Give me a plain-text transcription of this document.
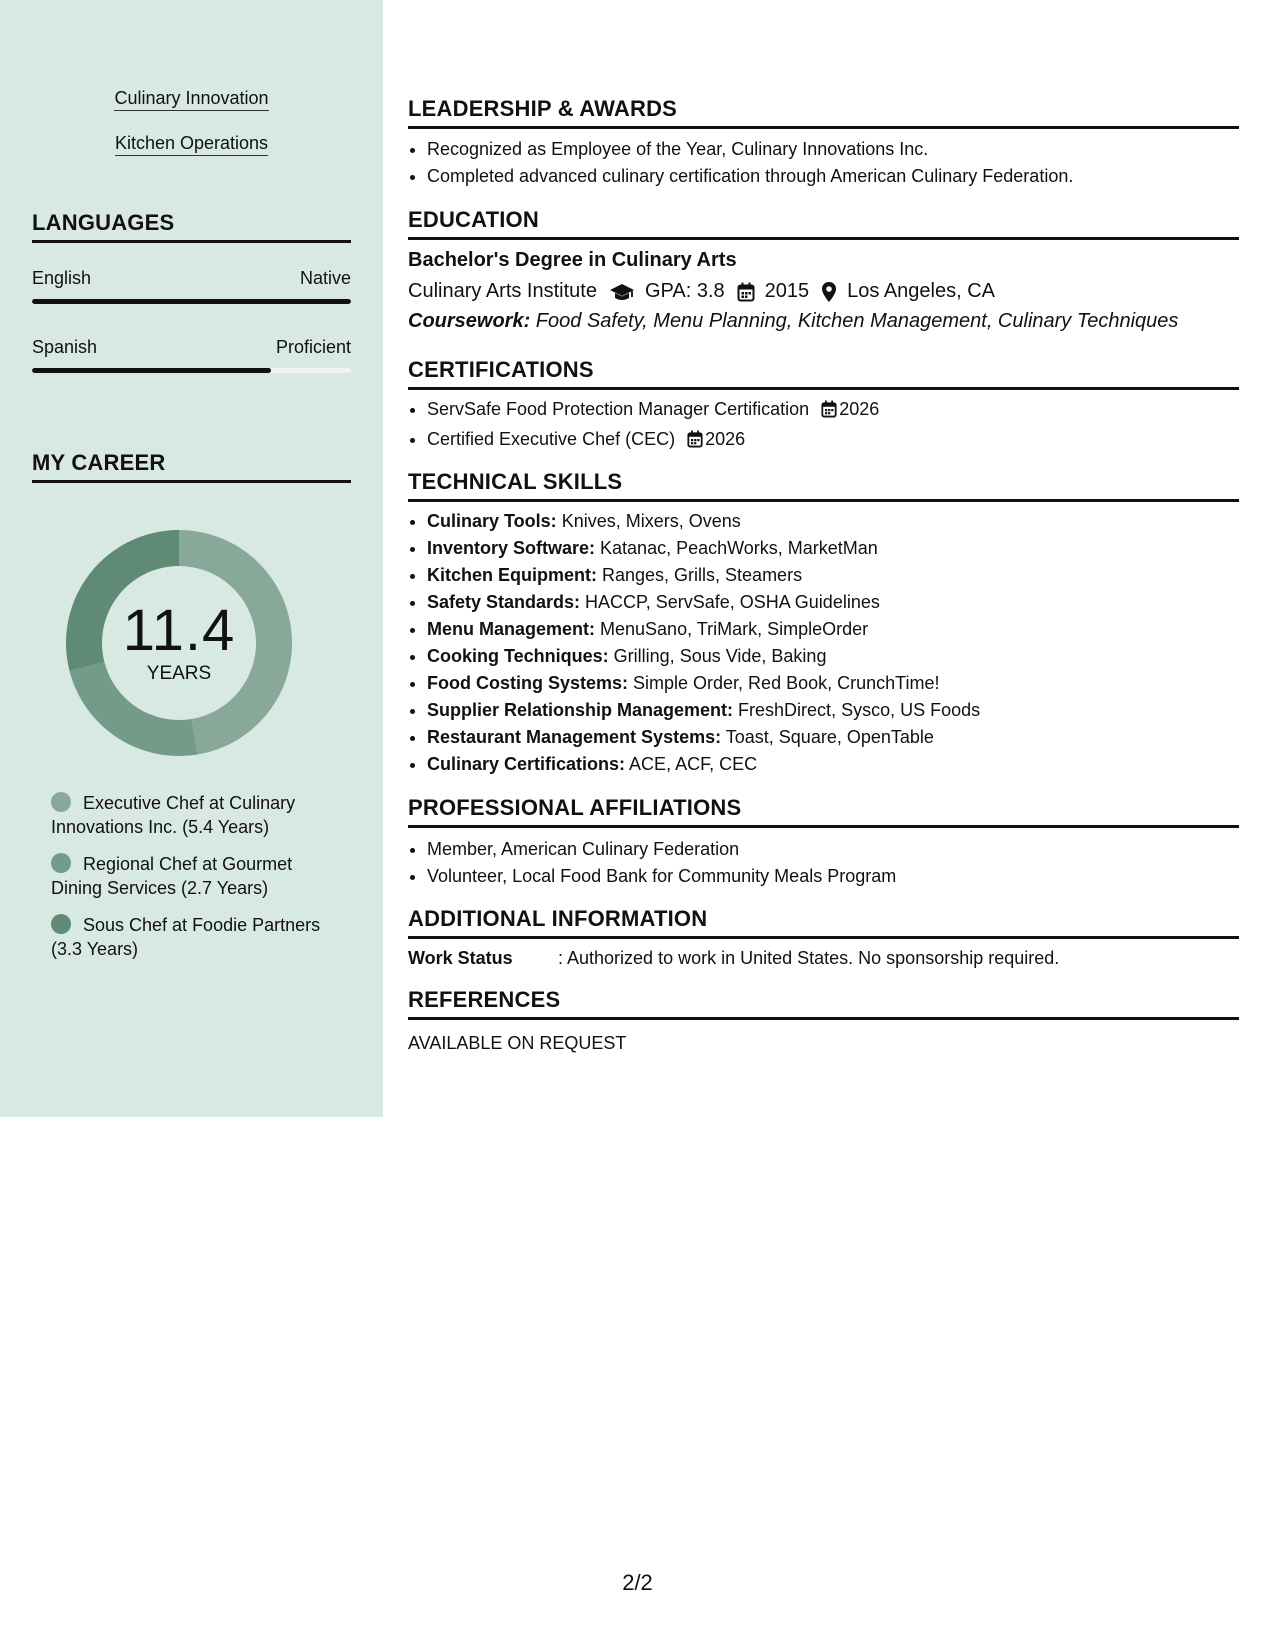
Culinary Innovation
Kitchen Operations
LANGUAGES
English	Native
Spanish	Proficient
MY CAREER
11.4
YEARS
Executive Chef at Culinary Innovations Inc. (5.4 Years)
Regional Chef at Gourmet Dining Services (2.7 Years)
Sous Chef at Foodie Partners (3.3 Years)
LEADERSHIP & AWARDS
• Recognized as Employee of the Year, Culinary Innovations Inc.
• Completed advanced culinary certification through American Culinary Federation.
EDUCATION
Bachelor's Degree in Culinary Arts
Culinary Arts Institute GPA: 3.8 2015 Los Angeles, CA
Coursework: Food Safety, Menu Planning, Kitchen Management, Culinary Techniques
CERTIFICATIONS
• ServSafe Food Protection Manager Certification 2026
• Certified Executive Chef (CEC) 2026
TECHNICAL SKILLS
• Culinary Tools: Knives, Mixers, Ovens
• Inventory Software: Katanac, PeachWorks, MarketMan
• Kitchen Equipment: Ranges, Grills, Steamers
• Safety Standards: HACCP, ServSafe, OSHA Guidelines
• Menu Management: MenuSano, TriMark, SimpleOrder
• Cooking Techniques: Grilling, Sous Vide, Baking
• Food Costing Systems: Simple Order, Red Book, CrunchTime!
• Supplier Relationship Management: FreshDirect, Sysco, US Foods
• Restaurant Management Systems: Toast, Square, OpenTable
• Culinary Certifications: ACE, ACF, CEC
PROFESSIONAL AFFILIATIONS
• Member, American Culinary Federation
• Volunteer, Local Food Bank for Community Meals Program
ADDITIONAL INFORMATION
Work Status	: Authorized to work in United States. No sponsorship required.
REFERENCES
AVAILABLE ON REQUEST
2/2
